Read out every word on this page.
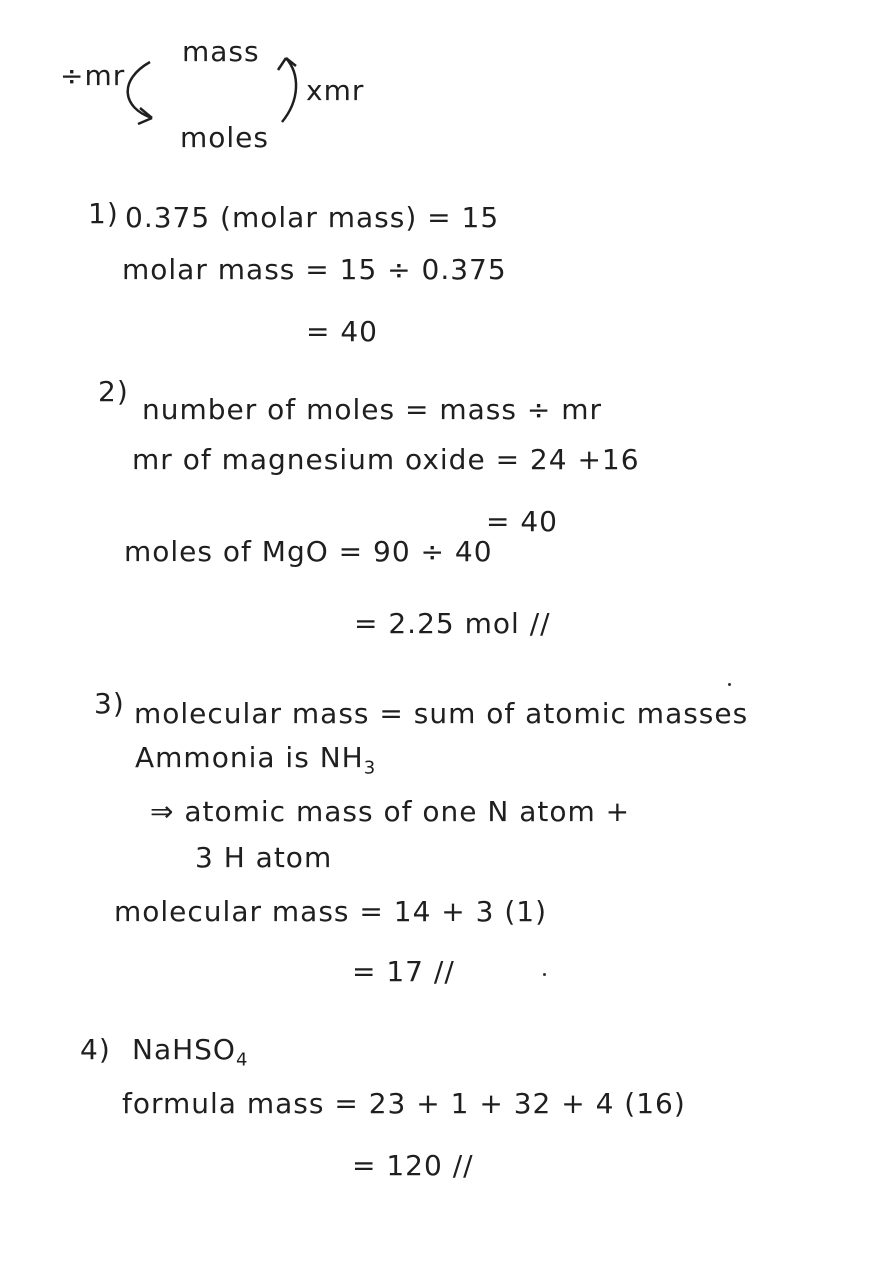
mass
moles
÷mr	xmr
1) 0.375 (molar mass) = 15
molar mass = 15 ÷ 0.375
= 40
2)
number of moles = mass ÷ mr
mr of magnesium oxide = 24 +16
= 40
moles of MgO = 90 ÷ 40
= 2.25 mol //
3) molecular mass = sum of atomic masses
Ammonia is $NH_3$
⇒ atomic mass of one N atom +
3 H atom
molecular mass = 14 + 3 (1)
= 17 //
4) NaHSO$_4$
formula mass = 23 + 1 + 32 + 4 (16)
= 120 //
